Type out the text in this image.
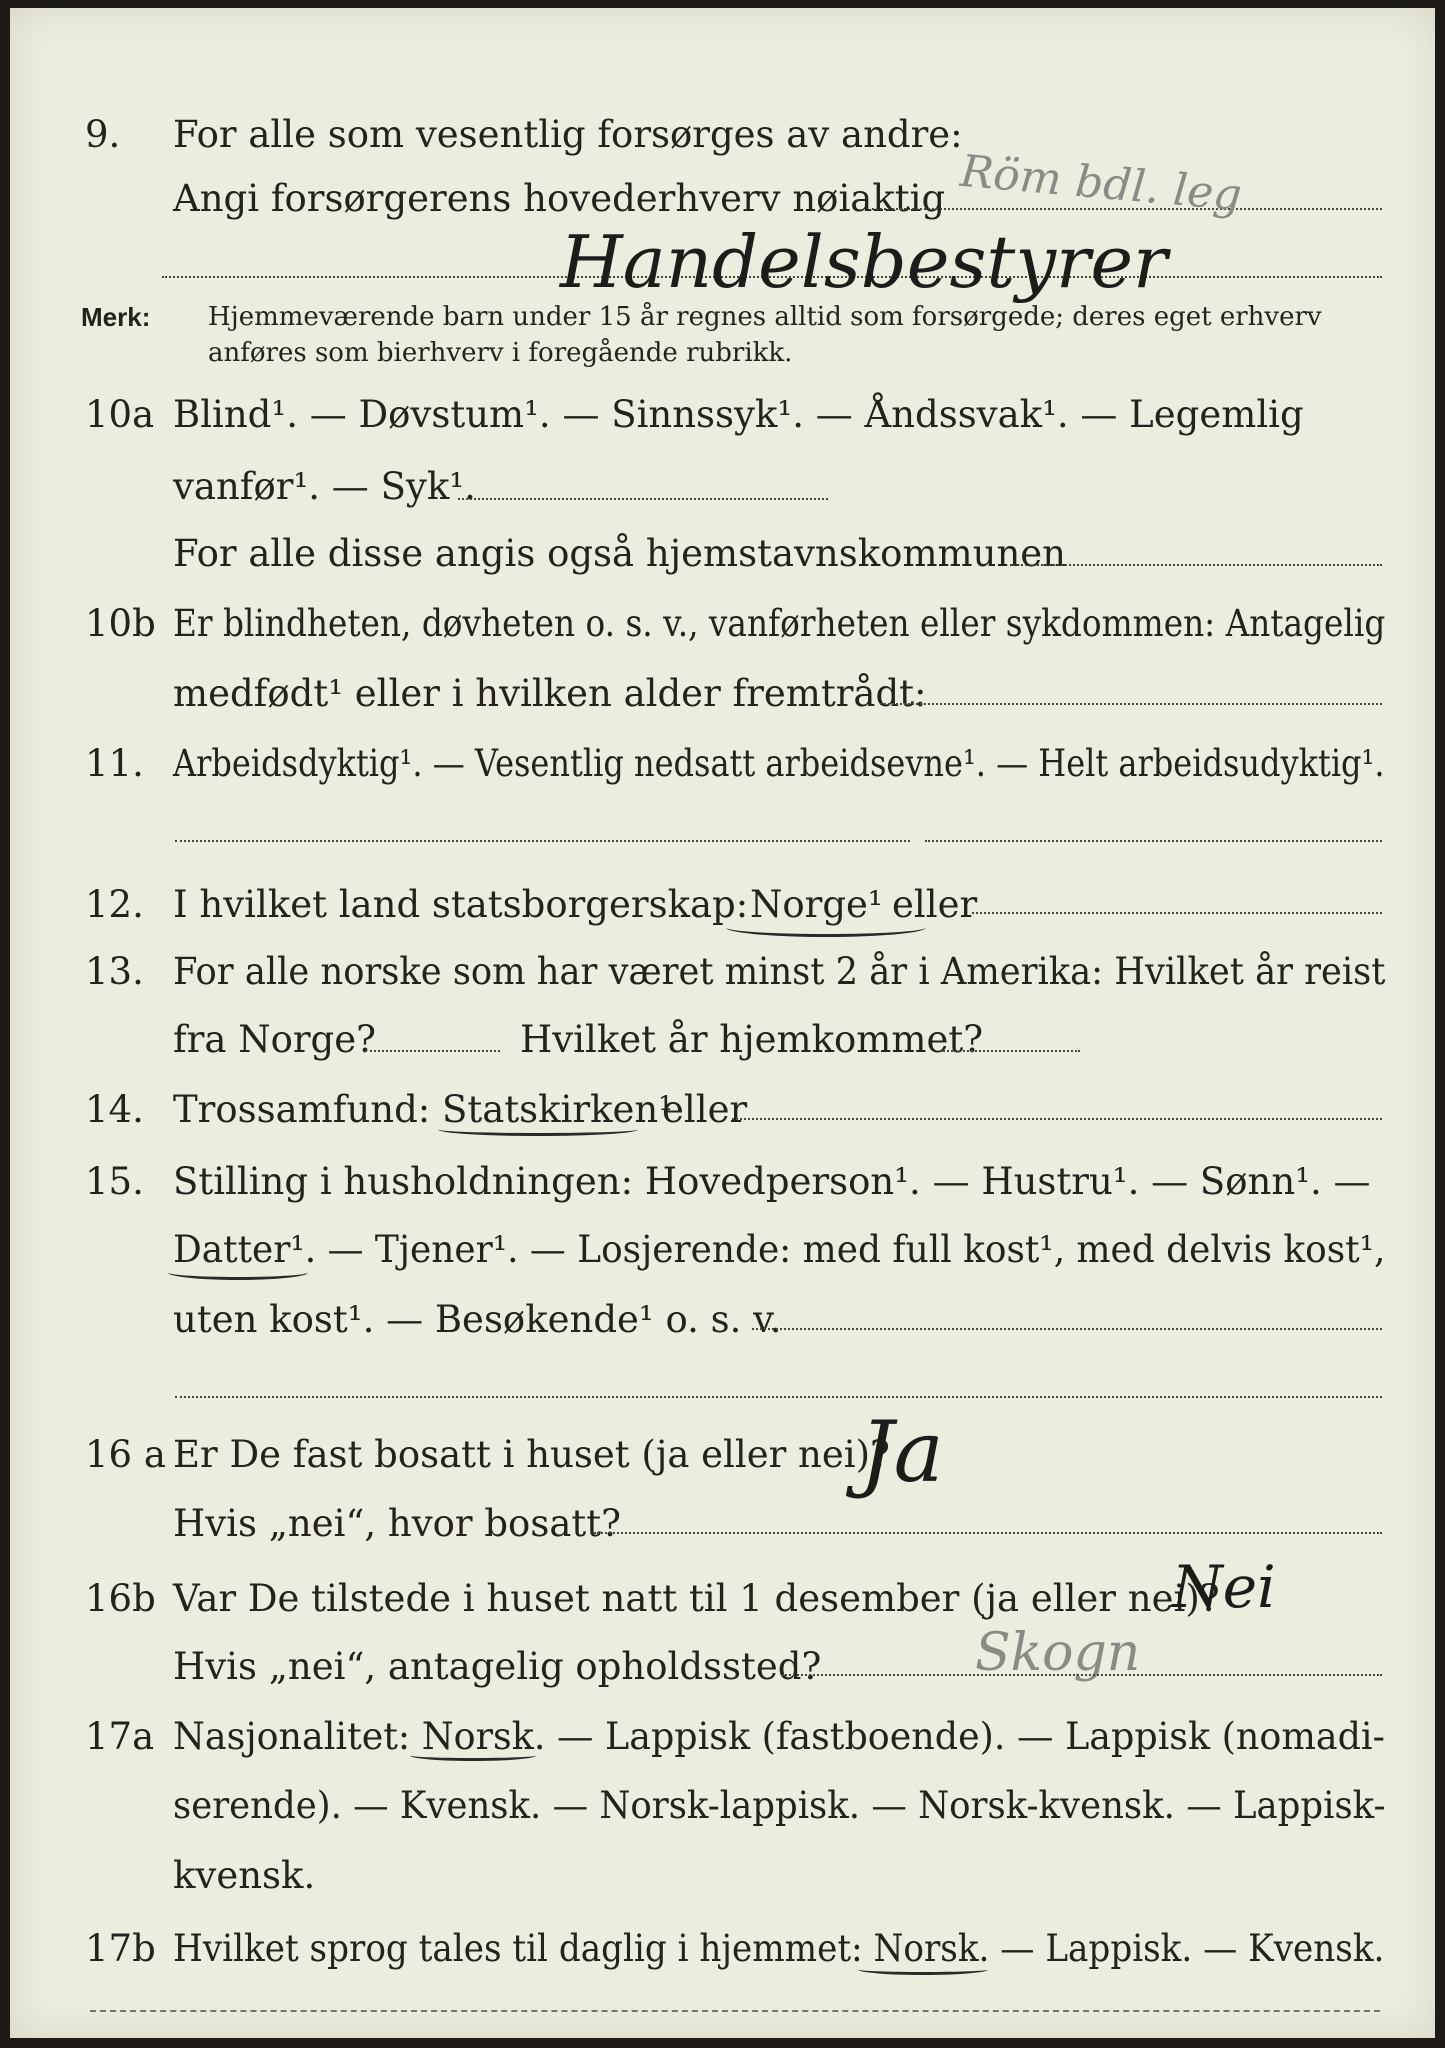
9. For alle som vesentlig forsørges av andre:
Angi forsørgerens hovederhverv nøiaktig Röm bdl. leg
Handelsbestyrer
Merk: Hjemmeværende barn under 15 år regnes alltid som forsørgede; deres eget erhverv
anføres som bierhverv i foregående rubrikk.
10a Blind¹. — Døvstum¹. — Sinnssyk¹. — Åndssvak¹. — Legemlig
vanfør¹. — Syk¹.
For alle disse angis også hjemstavnskommunen
10b Er blindheten, døvheten o. s. v., vanførheten eller sykdommen: Antagelig
medfødt¹ eller i hvilken alder fremtrådt:
11. Arbeidsdyktig¹. — Vesentlig nedsatt arbeidsevne¹. — Helt arbeidsudyktig¹.
12. I hvilket land statsborgerskap: Norge¹ eller
13. For alle norske som har været minst 2 år i Amerika: Hvilket år reist
fra Norge?	Hvilket år hjemkommet?
14. Trossamfund: Statskirken¹
eller
15. Stilling i husholdningen: Hovedperson¹. — Hustru¹. — Sønn¹. —
Datter¹. — Tjener¹. — Losjerende: med full kost¹, med delvis kost¹,
uten kost¹. — Besøkende¹ o. s. v.
16 a Er De fast bosatt i huset (ja eller nei)?
Ja
Hvis „nei“, hvor bosatt?
16b Var De tilstede i huset natt til 1 desember (ja eller nei)?
Nei
Hvis „nei“, antagelig opholdssted?	Skogn
17a Nasjonalitet: Norsk. — Lappisk (fastboende). — Lappisk (nomadi-
serende). — Kvensk. — Norsk-lappisk. — Norsk-kvensk. — Lappisk-
kvensk.
17b Hvilket sprog tales til daglig i hjemmet: Norsk. — Lappisk. — Kvensk.
